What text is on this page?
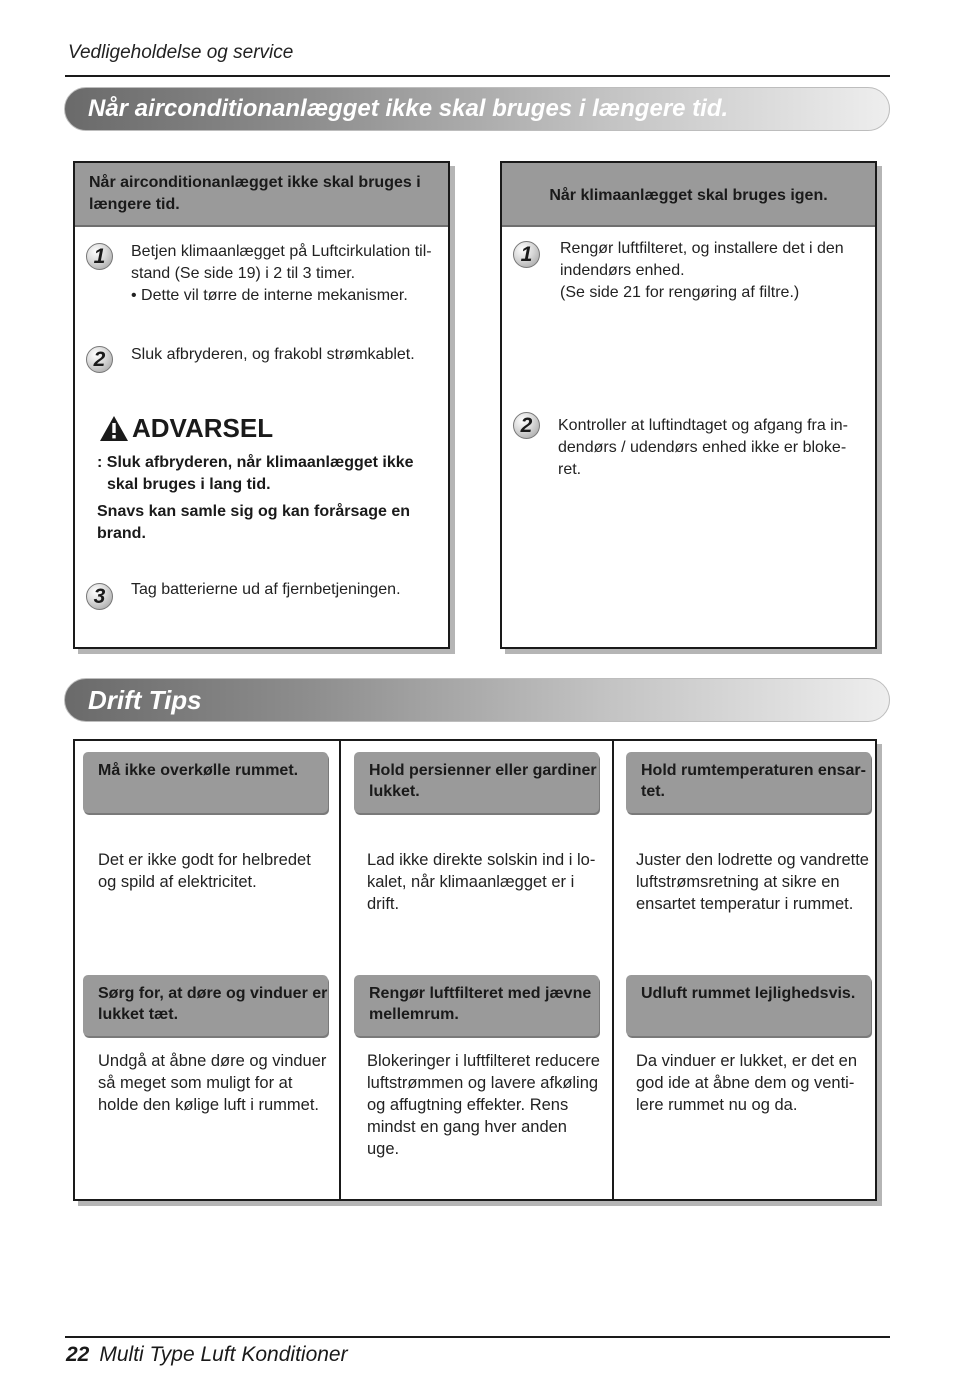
Vedligeholdelse og service
Når airconditionanlægget ikke skal bruges i længere tid.
Når airconditionanlægget ikke skal bruges i længere tid.
1	Betjen klimaanlægget på Luftcirkulation til-stand (Se side 19) i 2 til 3 timer.
• Dette vil tørre de interne mekanismer.
2	Sluk afbryderen, og frakobl strømkablet.
ADVARSEL
: Sluk afbryderen, når klimaanlægget ikke skal bruges i lang tid.
Snavs kan samle sig og kan forårsage en brand.
3	Tag batterierne ud af fjernbetjeningen.
Når klimaanlægget skal bruges igen.
1	Rengør luftfilteret, og installere det i den indendørs enhed.
(Se side 21 for rengøring af filtre.)
2	Kontroller at luftindtaget og afgang fra in-dendørs / udendørs enhed ikke er bloke-ret.
Drift Tips
Må ikke overkølle rummet.
Det er ikke godt for helbredet og spild af elektricitet.
Hold persienner eller gardiner lukket.
Lad ikke direkte solskin ind i lo-kalet, når klimaanlægget er i drift.
Hold rumtemperaturen ensar-tet.
Juster den lodrette og vandrette luftstrømsretning at sikre en ensartet temperatur i rummet.
Sørg for, at døre og vinduer er lukket tæt.
Undgå at åbne døre og vinduer så meget som muligt for at holde den kølige luft i rummet.
Rengør luftfilteret med jævne mellemrum.
Blokeringer i luftfilteret reducere luftstrømmen og lavere afkøling og affugtning effekter. Rens mindst en gang hver anden uge.
Udluft rummet lejlighedsvis.
Da vinduer er lukket, er det en god ide at åbne dem og venti-lere rummet nu og da.
22 Multi Type Luft Konditioner
